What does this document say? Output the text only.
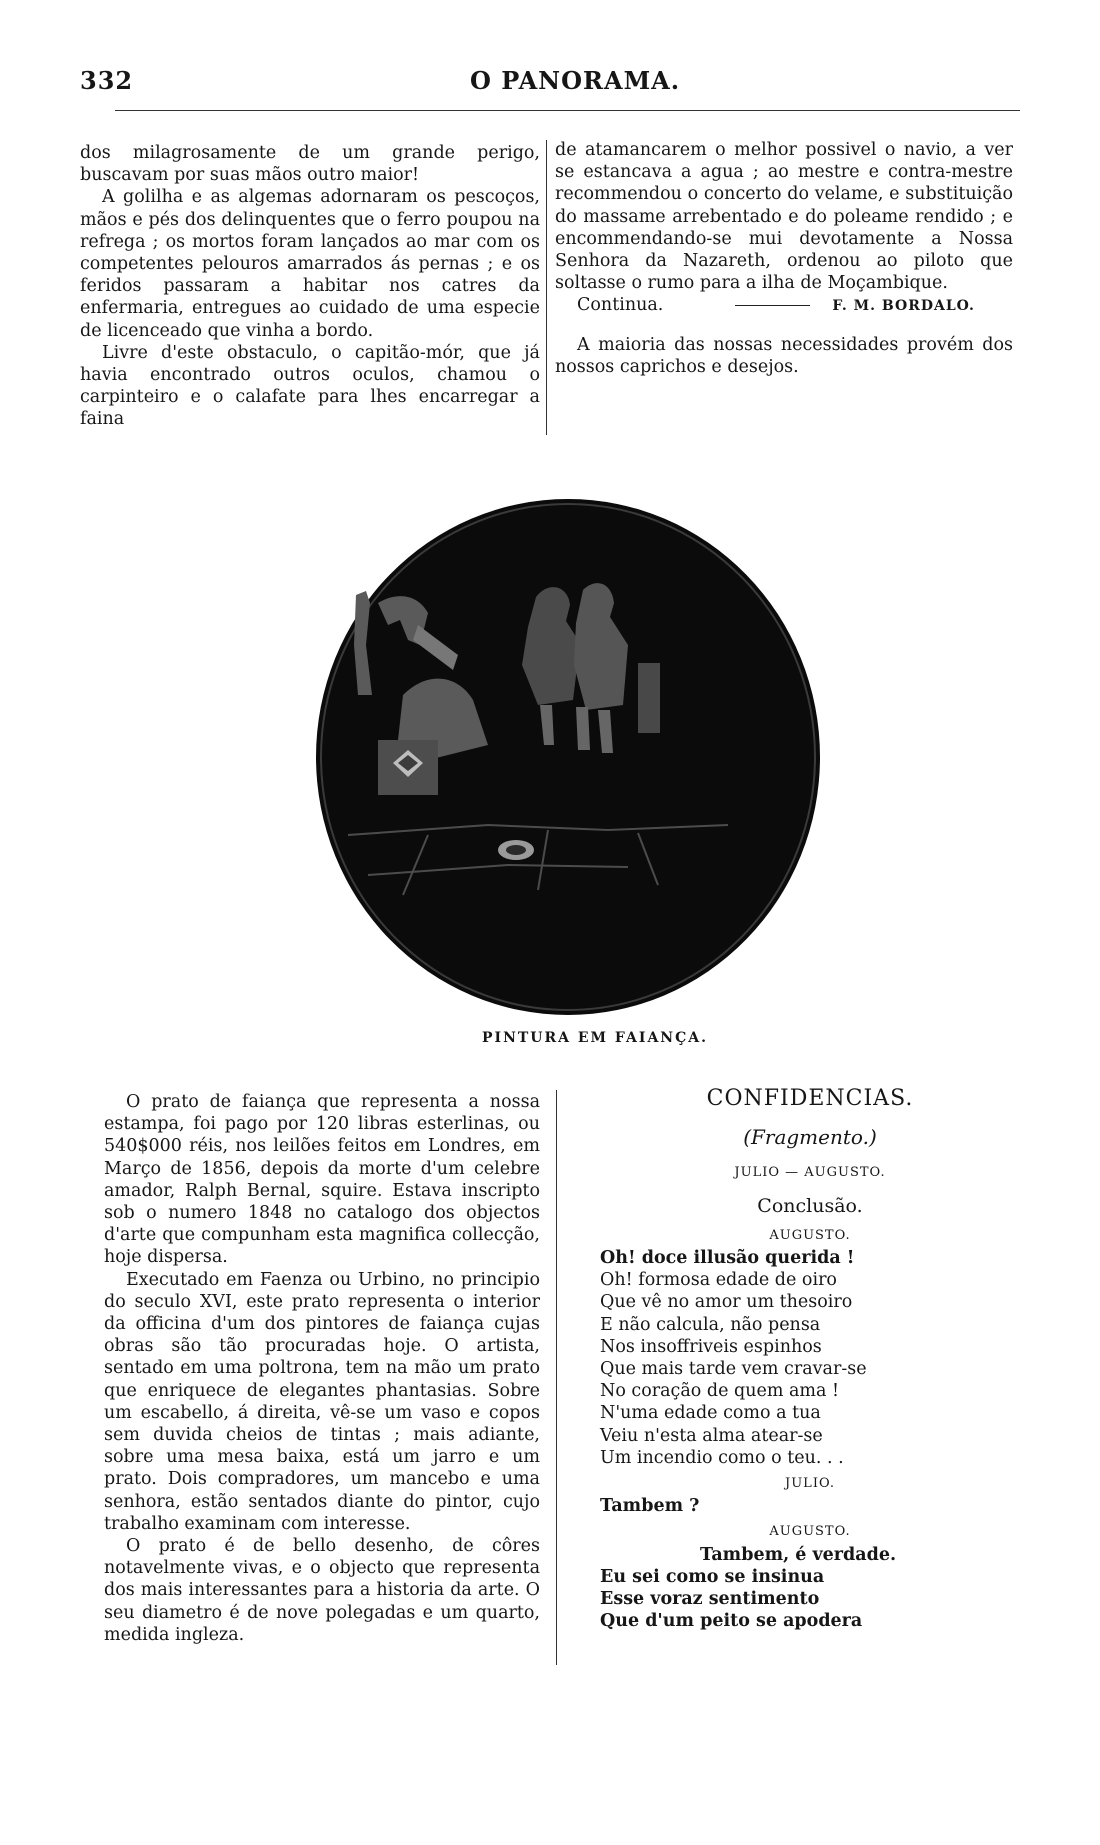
332	O PANORAMA.

dos milagrosamente de um grande perigo, buscavam por suas mãos outro maior!

A golilha e as algemas adornaram os pescoços, mãos e pés dos delinquentes que o ferro poupou na refrega ; os mortos foram lançados ao mar com os competentes pelouros amarrados ás pernas ; e os feridos passaram a habitar nos catres da enfermaria, entregues ao cuidado de uma especie de licenceado que vinha a bordo.

Livre d'este obstaculo, o capitão-mór, que já havia encontrado outros oculos, chamou o carpinteiro e o calafate para lhes encarregar a faina

de atamancarem o melhor possivel o navio, a ver se estancava a agua ; ao mestre e contra-mestre recommendou o concerto do velame, e substituição do massame arrebentado e do poleame rendido ; e encommendando-se mui devotamente a Nossa Senhora da Nazareth, ordenou ao piloto que soltasse o rumo para a ilha de Moçambique.

Continua.	F. M. BORDALO.

A maioria das nossas necessidades provém dos nossos caprichos e desejos.

PINTURA EM FAIANÇA.

O prato de faiança que representa a nossa estampa, foi pago por 120 libras esterlinas, ou 540$000 réis, nos leilões feitos em Londres, em Março de 1856, depois da morte d'um celebre amador, Ralph Bernal, squire. Estava inscripto sob o numero 1848 no catalogo dos objectos d'arte que compunham esta magnifica collecção, hoje dispersa.

Executado em Faenza ou Urbino, no principio do seculo XVI, este prato representa o interior da officina d'um dos pintores de faiança cujas obras são tão procuradas hoje. O artista, sentado em uma poltrona, tem na mão um prato que enriquece de elegantes phantasias. Sobre um escabello, á direita, vê-se um vaso e copos sem duvida cheios de tintas ; mais adiante, sobre uma mesa baixa, está um jarro e um prato. Dois compradores, um mancebo e uma senhora, estão sentados diante do pintor, cujo trabalho examinam com interesse.

O prato é de bello desenho, de côres notavelmente vivas, e o objecto que representa dos mais interessantes para a historia da arte. O seu diametro é de nove polegadas e um quarto, medida ingleza.

CONFIDENCIAS.

(Fragmento.)

JULIO — AUGUSTO.

Conclusão.

AUGUSTO.

Oh! doce illusão querida !

Oh! formosa edade de oiro

Que vê no amor um thesoiro

E não calcula, não pensa

Nos insoffriveis espinhos

Que mais tarde vem cravar-se

No coração de quem ama !

N'uma edade como a tua

Veiu n'esta alma atear-se

Um incendio como o teu. . .

JULIO.

Tambem ?

AUGUSTO.

Tambem, é verdade.

Eu sei como se insinua

Esse voraz sentimento

Que d'um peito se apodera
